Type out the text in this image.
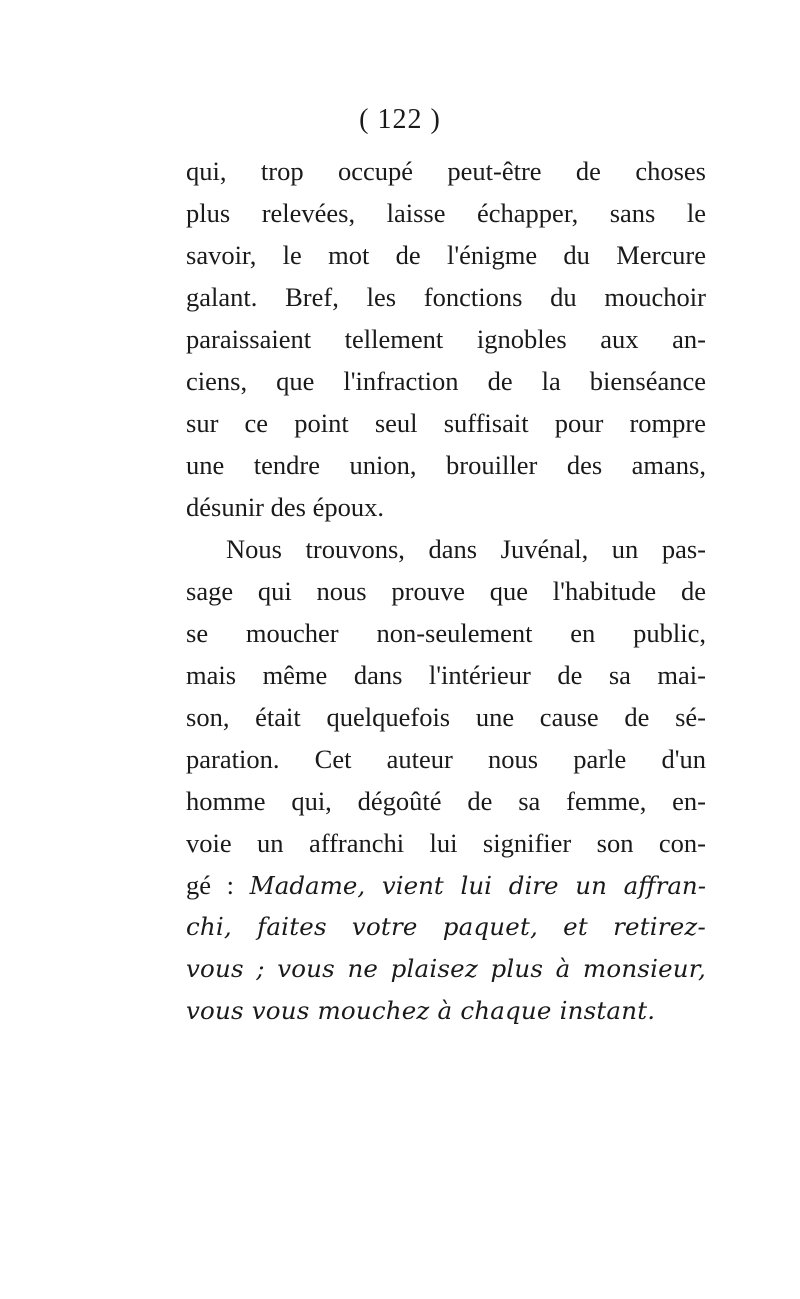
( 122 )
qui, trop occupé peut-être de choses
plus relevées, laisse échapper, sans le
savoir, le mot de l'énigme du Mercure
galant. Bref, les fonctions du mouchoir
paraissaient tellement ignobles aux an-
ciens, que l'infraction de la bienséance
sur ce point seul suffisait pour rompre
une tendre union, brouiller des amans,
désunir des époux.
Nous trouvons, dans Juvénal, un pas-
sage qui nous prouve que l'habitude de
se moucher non-seulement en public,
mais même dans l'intérieur de sa mai-
son, était quelquefois une cause de sé-
paration. Cet auteur nous parle d'un
homme qui, dégoûté de sa femme, en-
voie un affranchi lui signifier son con-
gé : Madame, vient lui dire un affran-
chi, faites votre paquet, et retirez-
vous ; vous ne plaisez plus à monsieur,
vous vous mouchez à chaque instant.
